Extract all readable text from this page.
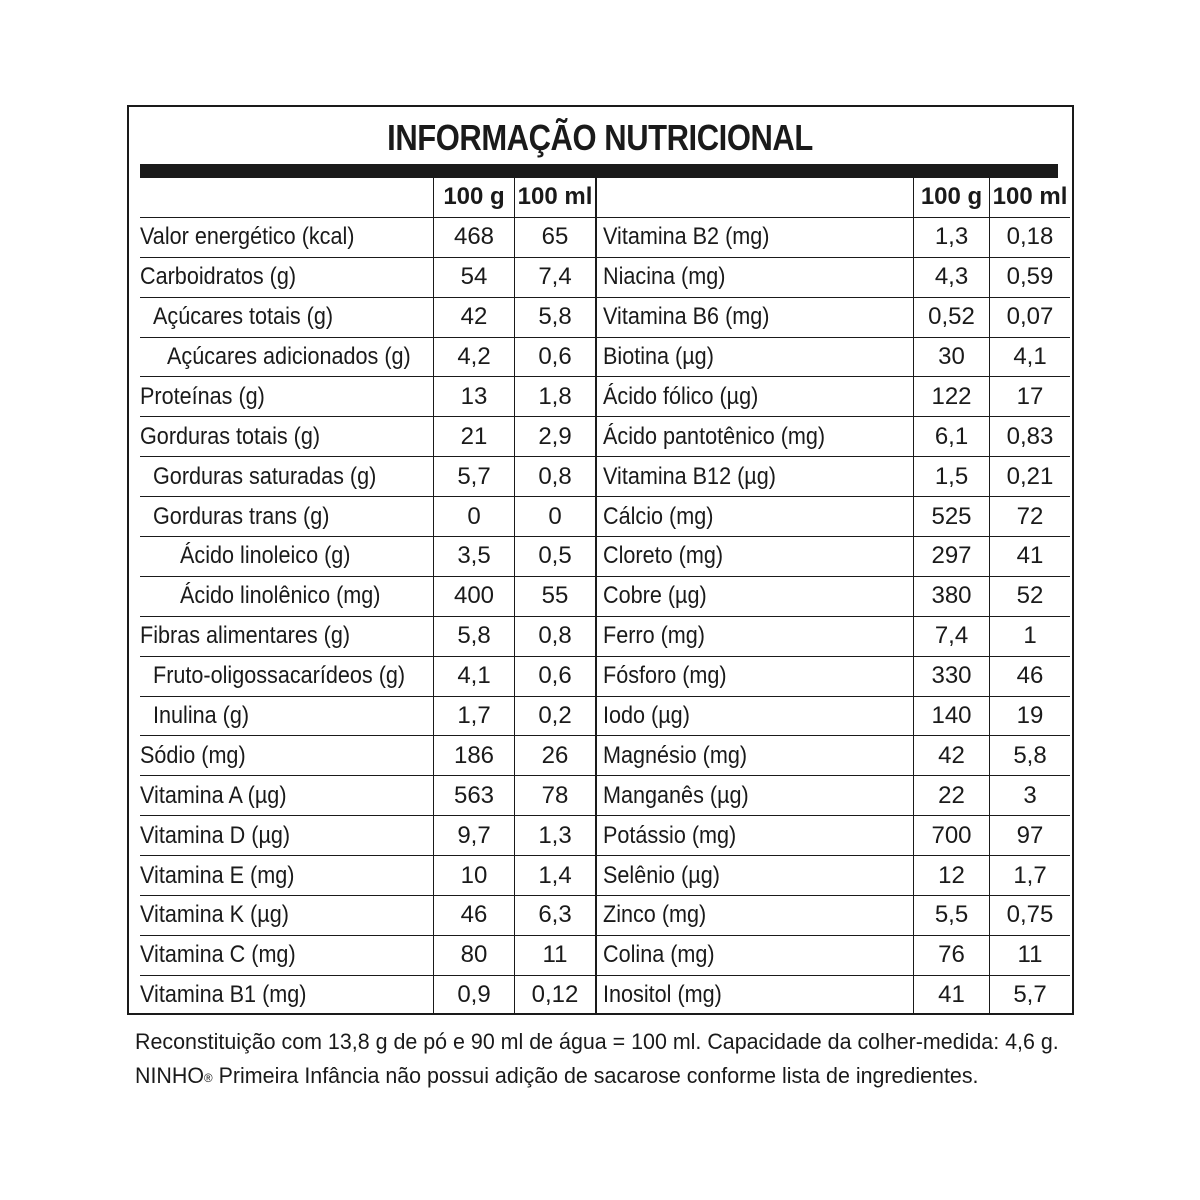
INFORMAÇÃO NUTRICIONAL
	100 g	100 ml		100 g	100 ml
Valor energético (kcal)	468	65	Vitamina B2 (mg)	1,3	0,18
Carboidratos (g)	54	7,4	Niacina (mg)	4,3	0,59
Açúcares totais (g)	42	5,8	Vitamina B6 (mg)	0,52	0,07
Açúcares adicionados (g)	4,2	0,6	Biotina (µg)	30	4,1
Proteínas (g)	13	1,8	Ácido fólico (µg)	122	17
Gorduras totais (g)	21	2,9	Ácido pantotênico (mg)	6,1	0,83
Gorduras saturadas (g)	5,7	0,8	Vitamina B12 (µg)	1,5	0,21
Gorduras trans (g)	0	0	Cálcio (mg)	525	72
Ácido linoleico (g)	3,5	0,5	Cloreto (mg)	297	41
Ácido linolênico (mg)	400	55	Cobre (µg)	380	52
Fibras alimentares (g)	5,8	0,8	Ferro (mg)	7,4	1
Fruto-oligossacarídeos (g)	4,1	0,6	Fósforo (mg)	330	46
Inulina (g)	1,7	0,2	Iodo (µg)	140	19
Sódio (mg)	186	26	Magnésio (mg)	42	5,8
Vitamina A (µg)	563	78	Manganês (µg)	22	3
Vitamina D (µg)	9,7	1,3	Potássio (mg)	700	97
Vitamina E (mg)	10	1,4	Selênio (µg)	12	1,7
Vitamina K (µg)	46	6,3	Zinco (mg)	5,5	0,75
Vitamina C (mg)	80	11	Colina (mg)	76	11
Vitamina B1 (mg)	0,9	0,12	Inositol (mg)	41	5,7

Reconstituição com 13,8 g de pó e 90 ml de água = 100 ml. Capacidade da colher-medida: 4,6 g.

NINHO® Primeira Infância não possui adição de sacarose conforme lista de ingredientes.
